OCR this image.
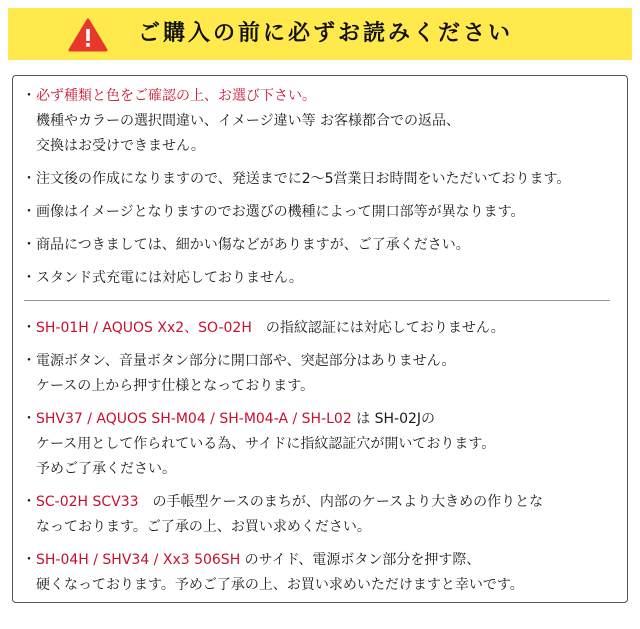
ご購入の前に必ずお読みください
・必ず種類と色をご確認の上、お選び下さい。
機種やカラーの選択間違い、イメージ違い等 お客様都合での返品、
交換はお受けできません。
・注文後の作成になりますので、発送までに2〜5営業日お時間をいただいております。
・画像はイメージとなりますのでお選びの機種によって開口部等が異なります。
・商品につきましては、細かい傷などがありますが、ご了承ください。
・スタンド式充電には対応しておりません。
・SH-01H / AQUOS Xx2、SO-02H　の指紋認証には対応しておりません。
・電源ボタン、音量ボタン部分に開口部や、突起部分はありません。
ケースの上から押す仕様となっております。
・SHV37 / AQUOS SH-M04 / SH-M04-A / SH-L02 は SH-02Jの
ケース用として作られている為、サイドに指紋認証穴が開いております。
予めご了承ください。
・SC-02H SCV33　の手帳型ケースのまちが、内部のケースより大きめの作りとな
なっております。ご了承の上、お買い求めください。
・SH-04H / SHV34 / Xx3 506SH のサイド、電源ボタン部分を押す際、
硬くなっております。予めご了承の上、お買い求めいただけますと幸いです。
